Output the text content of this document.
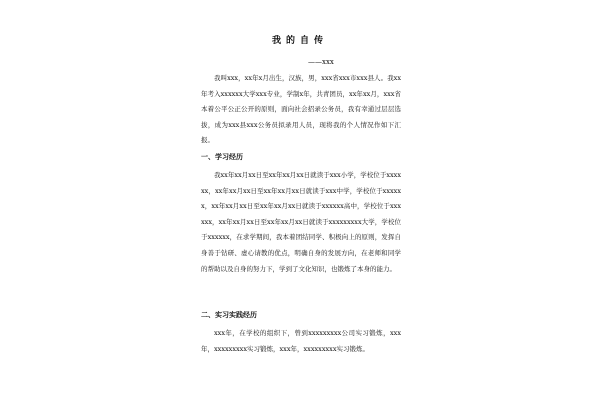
我的自传
——xxx

我叫xxx，xx年x月出生，汉族，男，xxx省xxx市xxx县人。我xx年考入xxxxxx大学xxx专业，学制x年，共青团员，xx年xx月，xxx省本着公平公正公开的原则，面向社会招录公务员，我有幸通过层层选拔，成为xxx县xxx公务员拟录用人员，现将我的个人情况作如下汇报。

一、学习经历

我xx年xx月xx日至xx年xx月xx日就读于xxx小学，学校位于xxxxxx，xx年xx月xx日至xx年xx月xx日就读于xxx中学，学校位于xxxxxx，xx年xx月xx日至xx年xx月xx日就读于xxxxxx高中，学校位于xxxxxx，xx年xx月xx日至xx年xx月xx日就读于xxxxxxxxx大学，学校位于xxxxxx，在求学期间，我本着团结同学、积极向上的原则，发挥自身善于钻研、虚心请教的优点，明确自身的发展方向，在老师和同学的帮助以及自身的努力下，学到了文化知识，也锻炼了本身的能力。

二、实习实践经历

xxx年，在学校的组织下，曾到xxxxxxxxx公司实习锻炼，xxx年，xxxxxxxxx实习锻炼，xxx年，xxxxxxxxx实习锻炼。
